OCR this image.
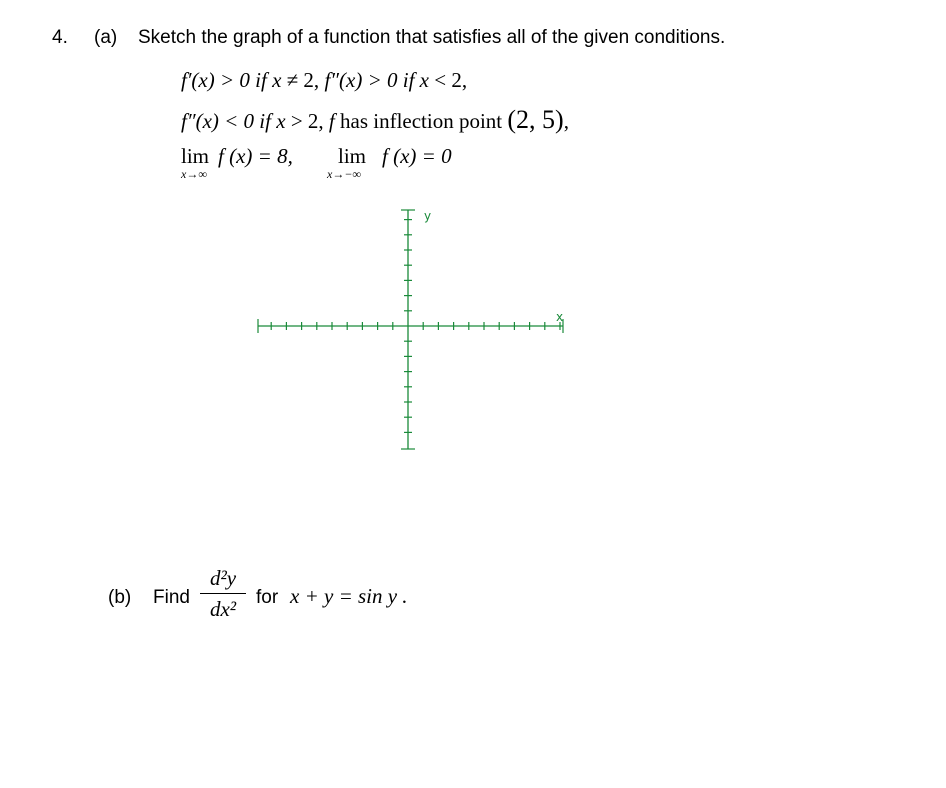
4. (a) Sketch the graph of a function that satisfies all of the given conditions.
f′(x) > 0 if x ≠ 2, f″(x) > 0 if x < 2,
f″(x) < 0 if x > 2, f has inflection point (2, 5),
lim
x→∞
f (x) = 8, lim
x→−∞
f (x) = 0
y
x
(b) Find
d²y
dx²	for x + y = sin y .
